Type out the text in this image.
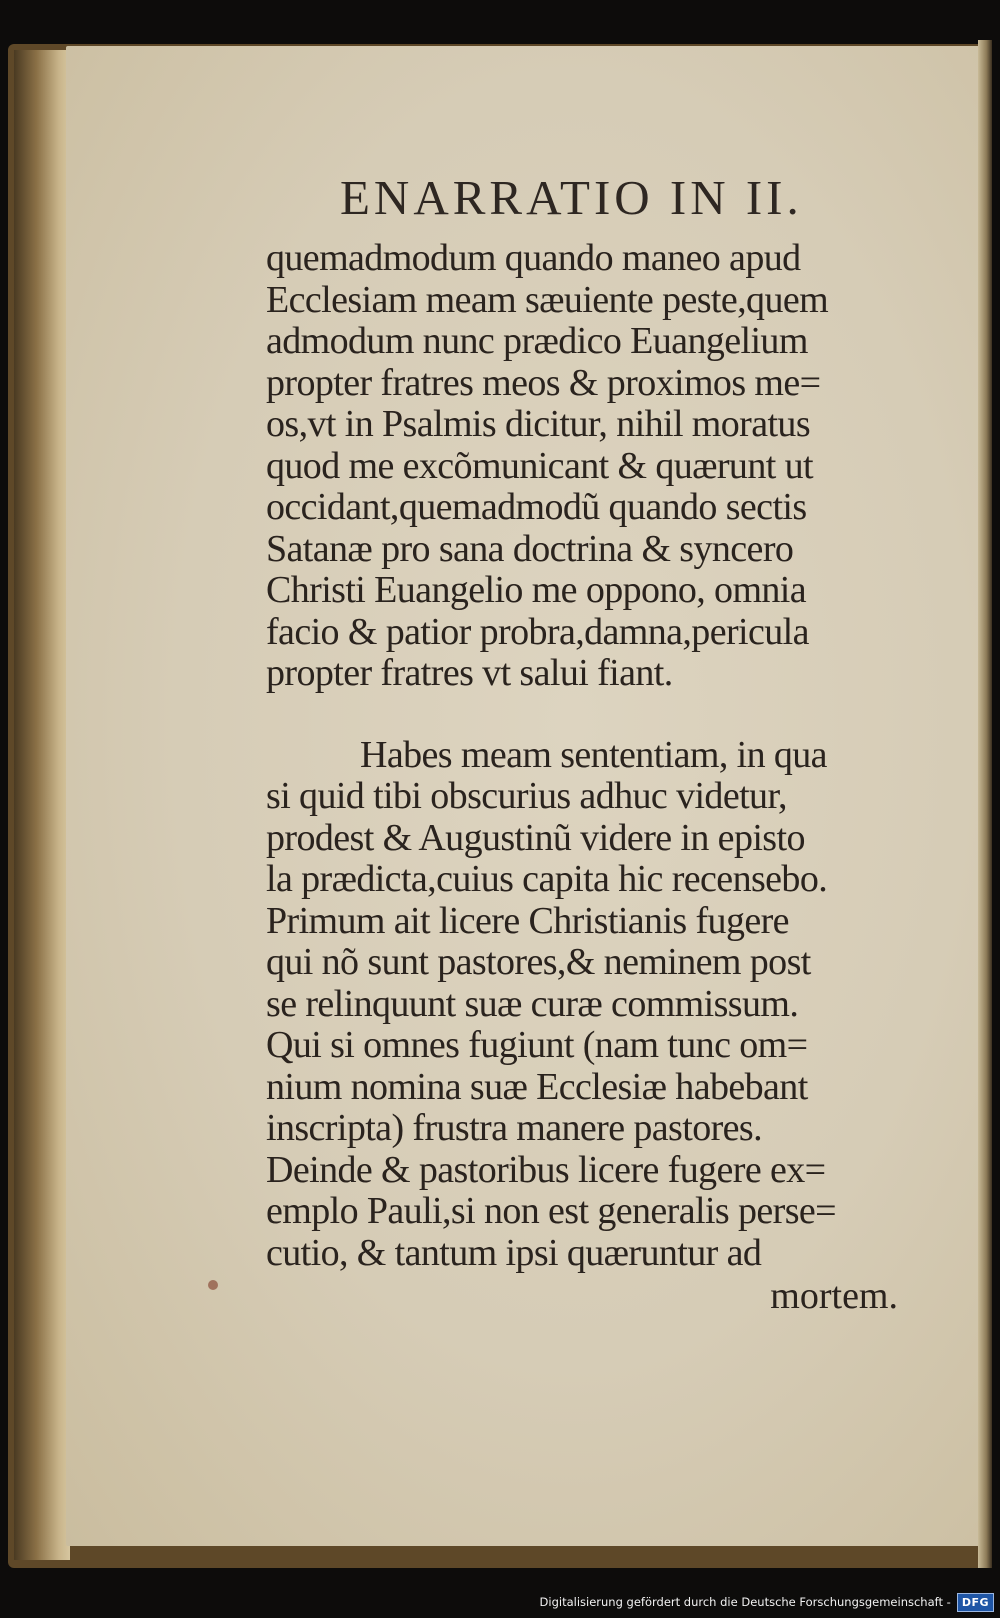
ENARRATIO IN II.
quemadmodum quando maneo apud
Ecclesiam meam sæuiente peste,quem
admodum nunc prædico Euangelium
propter fratres meos & proximos me=
os,vt in Psalmis dicitur, nihil moratus
quod me excõmunicant & quærunt ut
occidant,quemadmodũ quando sectis
Satanæ pro sana doctrina & syncero
Christi Euangelio me oppono, omnia
facio & patior probra,damna,pericula
propter fratres vt salui fiant.
Habes meam sententiam, in qua
si quid tibi obscurius adhuc videtur,
prodest & Augustinũ videre in episto
la prædicta,cuius capita hic recensebo.
Primum ait licere Christianis fugere
qui nõ sunt pastores,& neminem post
se relinquunt suæ curæ commissum.
Qui si omnes fugiunt (nam tunc om=
nium nomina suæ Ecclesiæ habebant
inscripta) frustra manere pastores.
Deinde & pastoribus licere fugere ex=
emplo Pauli,si non est generalis perse=
cutio, & tantum ipsi quæruntur ad
mortem.
Digitalisierung gefördert durch die Deutsche Forschungsgemeinschaft -	DFG
